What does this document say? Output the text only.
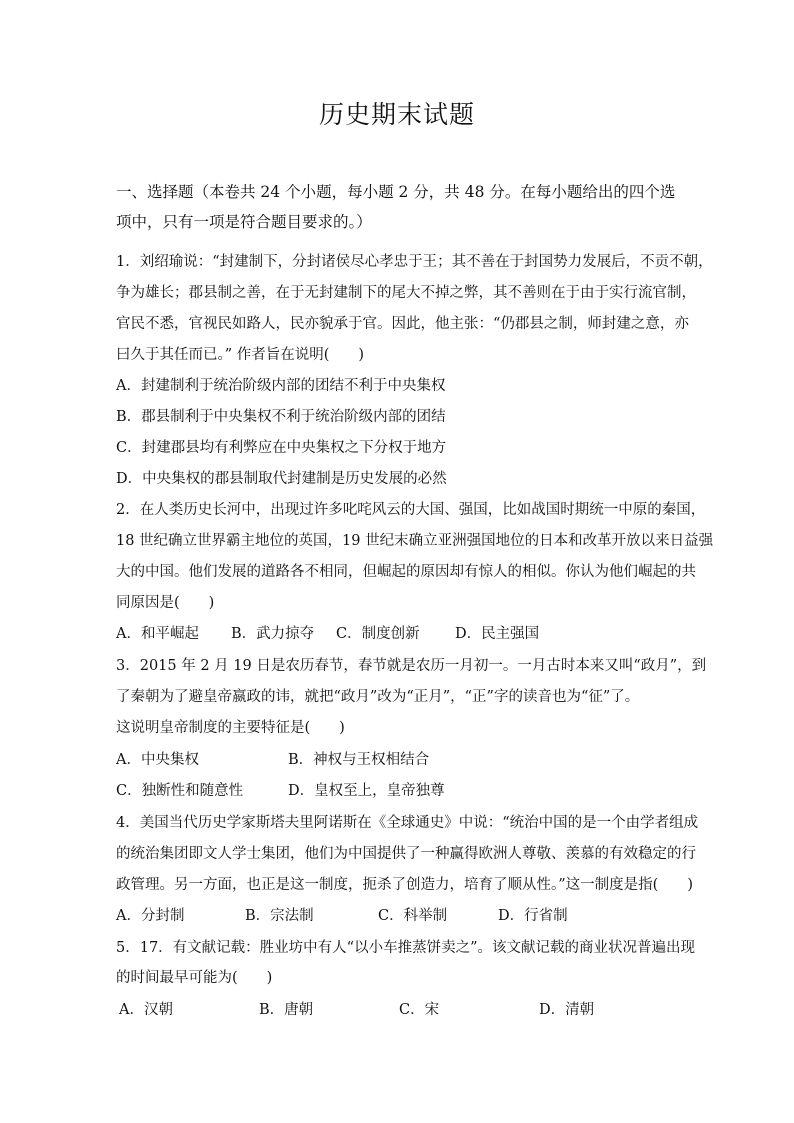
历史期末试题
一、选择题（本卷共 24 个小题，每小题 2 分，共 48 分。在每小题给出的四个选
项中，只有一项是符合题目要求的。）
1．刘绍瑜说：“封建制下，分封诸侯尽心孝忠于王；其不善在于封国势力发展后，不贡不朝，
争为雄长；郡县制之善，在于无封建制下的尾大不掉之弊，其不善则在于由于实行流官制，
官民不悉，官视民如路人，民亦貌承于官。因此，他主张：“仍郡县之制，师封建之意，亦
曰久于其任而已。” 作者旨在说明(　　)
A．封建制利于统治阶级内部的团结不利于中央集权
B．郡县制利于中央集权不利于统治阶级内部的团结
C．封建郡县均有利弊应在中央集权之下分权于地方
D．中央集权的郡县制取代封建制是历史发展的必然
2．在人类历史长河中，出现过许多叱咤风云的大国、强国，比如战国时期统一中原的秦国，
18 世纪确立世界霸主地位的英国，19 世纪末确立亚洲强国地位的日本和改革开放以来日益强
大的中国。他们发展的道路各不相同，但崛起的原因却有惊人的相似。你认为他们崛起的共
同原因是(　　)
A．和平崛起 B．武力掠夺 C．制度创新 D．民主强国
3．2015 年 2 月 19 日是农历春节，春节就是农历一月初一。一月古时本来又叫“政月”，到
了秦朝为了避皇帝嬴政的讳，就把“政月”改为“正月”，“正”字的读音也为“征”了。
这说明皇帝制度的主要特征是(　　)
A．中央集权	B．神权与王权相结合
C．独断性和随意性	D．皇权至上，皇帝独尊
4．美国当代历史学家斯塔夫里阿诺斯在《全球通史》中说：“统治中国的是一个由学者组成
的统治集团即文人学士集团，他们为中国提供了一种赢得欧洲人尊敬、羡慕的有效稳定的行
政管理。另一方面，也正是这一制度，扼杀了创造力，培育了顺从性。”这一制度是指(　　)
A．分封制	B．宗法制	C．科举制	D．行省制
5．17．有文献记载：胜业坊中有人“以小车推蒸饼卖之”。该文献记载的商业状况普遍出现
的时间最早可能为(　　)
A．汉朝	B．唐朝	C．宋	D．清朝
